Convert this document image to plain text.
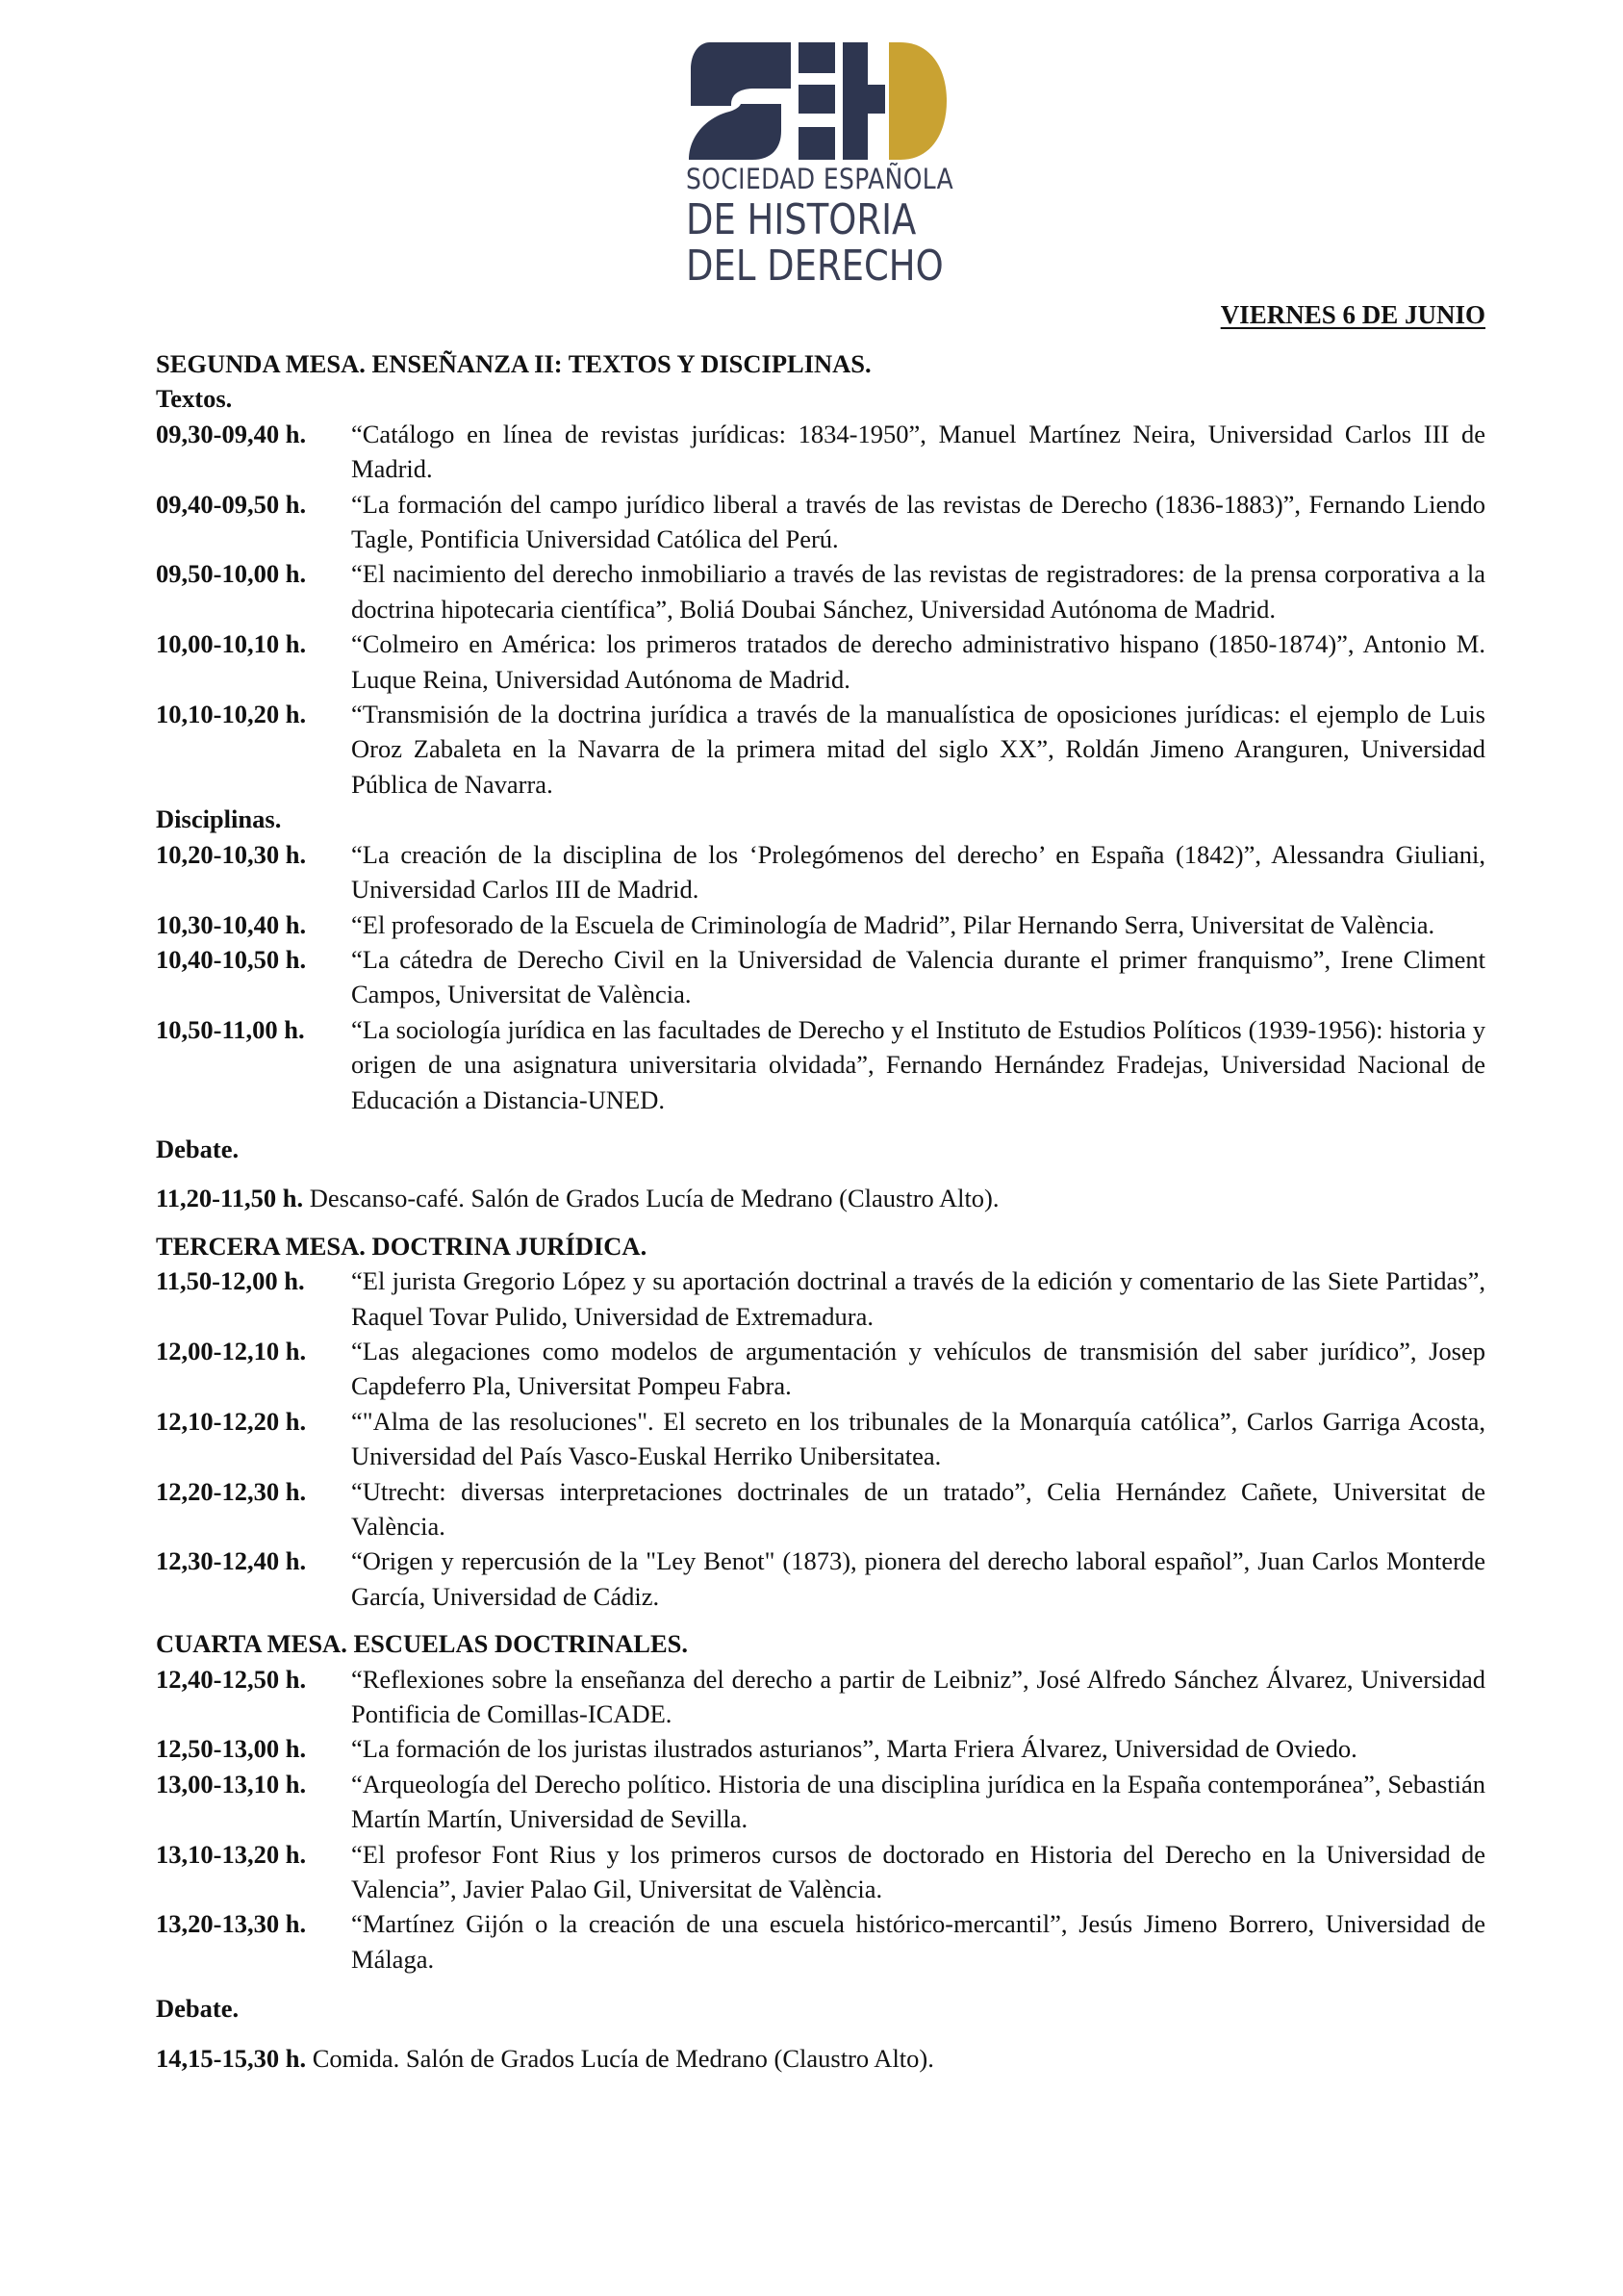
SOCIEDAD ESPAÑOLA
DE HISTORIA
DEL DERECHO
VIERNES 6 DE JUNIO

SEGUNDA MESA. ENSEÑANZA II: TEXTOS Y DISCIPLINAS.

Textos.

09,30-09,40 h.	“Catálogo en línea de revistas jurídicas: 1834-1950”, Manuel Martínez Neira, Universidad Carlos III de Madrid.
09,40-09,50 h.	“La formación del campo jurídico liberal a través de las revistas de Derecho (1836-1883)”, Fernando Liendo Tagle, Pontificia Universidad Católica del Perú.
09,50-10,00 h.	“El nacimiento del derecho inmobiliario a través de las revistas de registradores: de la prensa corporativa a la doctrina hipotecaria científica”, Boliá Doubai Sánchez, Universidad Autónoma de Madrid.
10,00-10,10 h.	“Colmeiro en América: los primeros tratados de derecho administrativo hispano (1850-1874)”, Antonio M. Luque Reina, Universidad Autónoma de Madrid.
10,10-10,20 h.	“Transmisión de la doctrina jurídica a través de la manualística de oposiciones jurídicas: el ejemplo de Luis Oroz Zabaleta en la Navarra de la primera mitad del siglo XX”, Roldán Jimeno Aranguren, Universidad Pública de Navarra.

Disciplinas.

10,20-10,30 h.	“La creación de la disciplina de los ‘Prolegómenos del derecho’ en España (1842)”, Alessandra Giuliani, Universidad Carlos III de Madrid.
10,30-10,40 h.	“El profesorado de la Escuela de Criminología de Madrid”, Pilar Hernando Serra, Universitat de València.
10,40-10,50 h.	“La cátedra de Derecho Civil en la Universidad de Valencia durante el primer franquismo”, Irene Climent Campos, Universitat de València.
10,50-11,00 h.	“La sociología jurídica en las facultades de Derecho y el Instituto de Estudios Políticos (1939-1956): historia y origen de una asignatura universitaria olvidada”, Fernando Hernández Fradejas, Universidad Nacional de Educación a Distancia-UNED.

Debate.

11,20-11,50 h. Descanso-café. Salón de Grados Lucía de Medrano (Claustro Alto).

TERCERA MESA. DOCTRINA JURÍDICA.

11,50-12,00 h.	“El jurista Gregorio López y su aportación doctrinal a través de la edición y comentario de las Siete Partidas”, Raquel Tovar Pulido, Universidad de Extremadura.
12,00-12,10 h.	“Las alegaciones como modelos de argumentación y vehículos de transmisión del saber jurídico”, Josep Capdeferro Pla, Universitat Pompeu Fabra.
12,10-12,20 h.	“"Alma de las resoluciones". El secreto en los tribunales de la Monarquía católica”, Carlos Garriga Acosta, Universidad del País Vasco-Euskal Herriko Unibersitatea.
12,20-12,30 h.	“Utrecht: diversas interpretaciones doctrinales de un tratado”, Celia Hernández Cañete, Universitat de València.
12,30-12,40 h.	“Origen y repercusión de la "Ley Benot" (1873), pionera del derecho laboral español”, Juan Carlos Monterde García, Universidad de Cádiz.

CUARTA MESA. ESCUELAS DOCTRINALES.

12,40-12,50 h.	“Reflexiones sobre la enseñanza del derecho a partir de Leibniz”, José Alfredo Sánchez Álvarez, Universidad Pontificia de Comillas-ICADE.
12,50-13,00 h.	“La formación de los juristas ilustrados asturianos”, Marta Friera Álvarez, Universidad de Oviedo.
13,00-13,10 h.	“Arqueología del Derecho político. Historia de una disciplina jurídica en la España contemporánea”, Sebastián Martín Martín, Universidad de Sevilla.
13,10-13,20 h.	“El profesor Font Rius y los primeros cursos de doctorado en Historia del Derecho en la Universidad de Valencia”, Javier Palao Gil, Universitat de València.
13,20-13,30 h.	“Martínez Gijón o la creación de una escuela histórico-mercantil”, Jesús Jimeno Borrero, Universidad de Málaga.

Debate.

14,15-15,30 h. Comida. Salón de Grados Lucía de Medrano (Claustro Alto).
